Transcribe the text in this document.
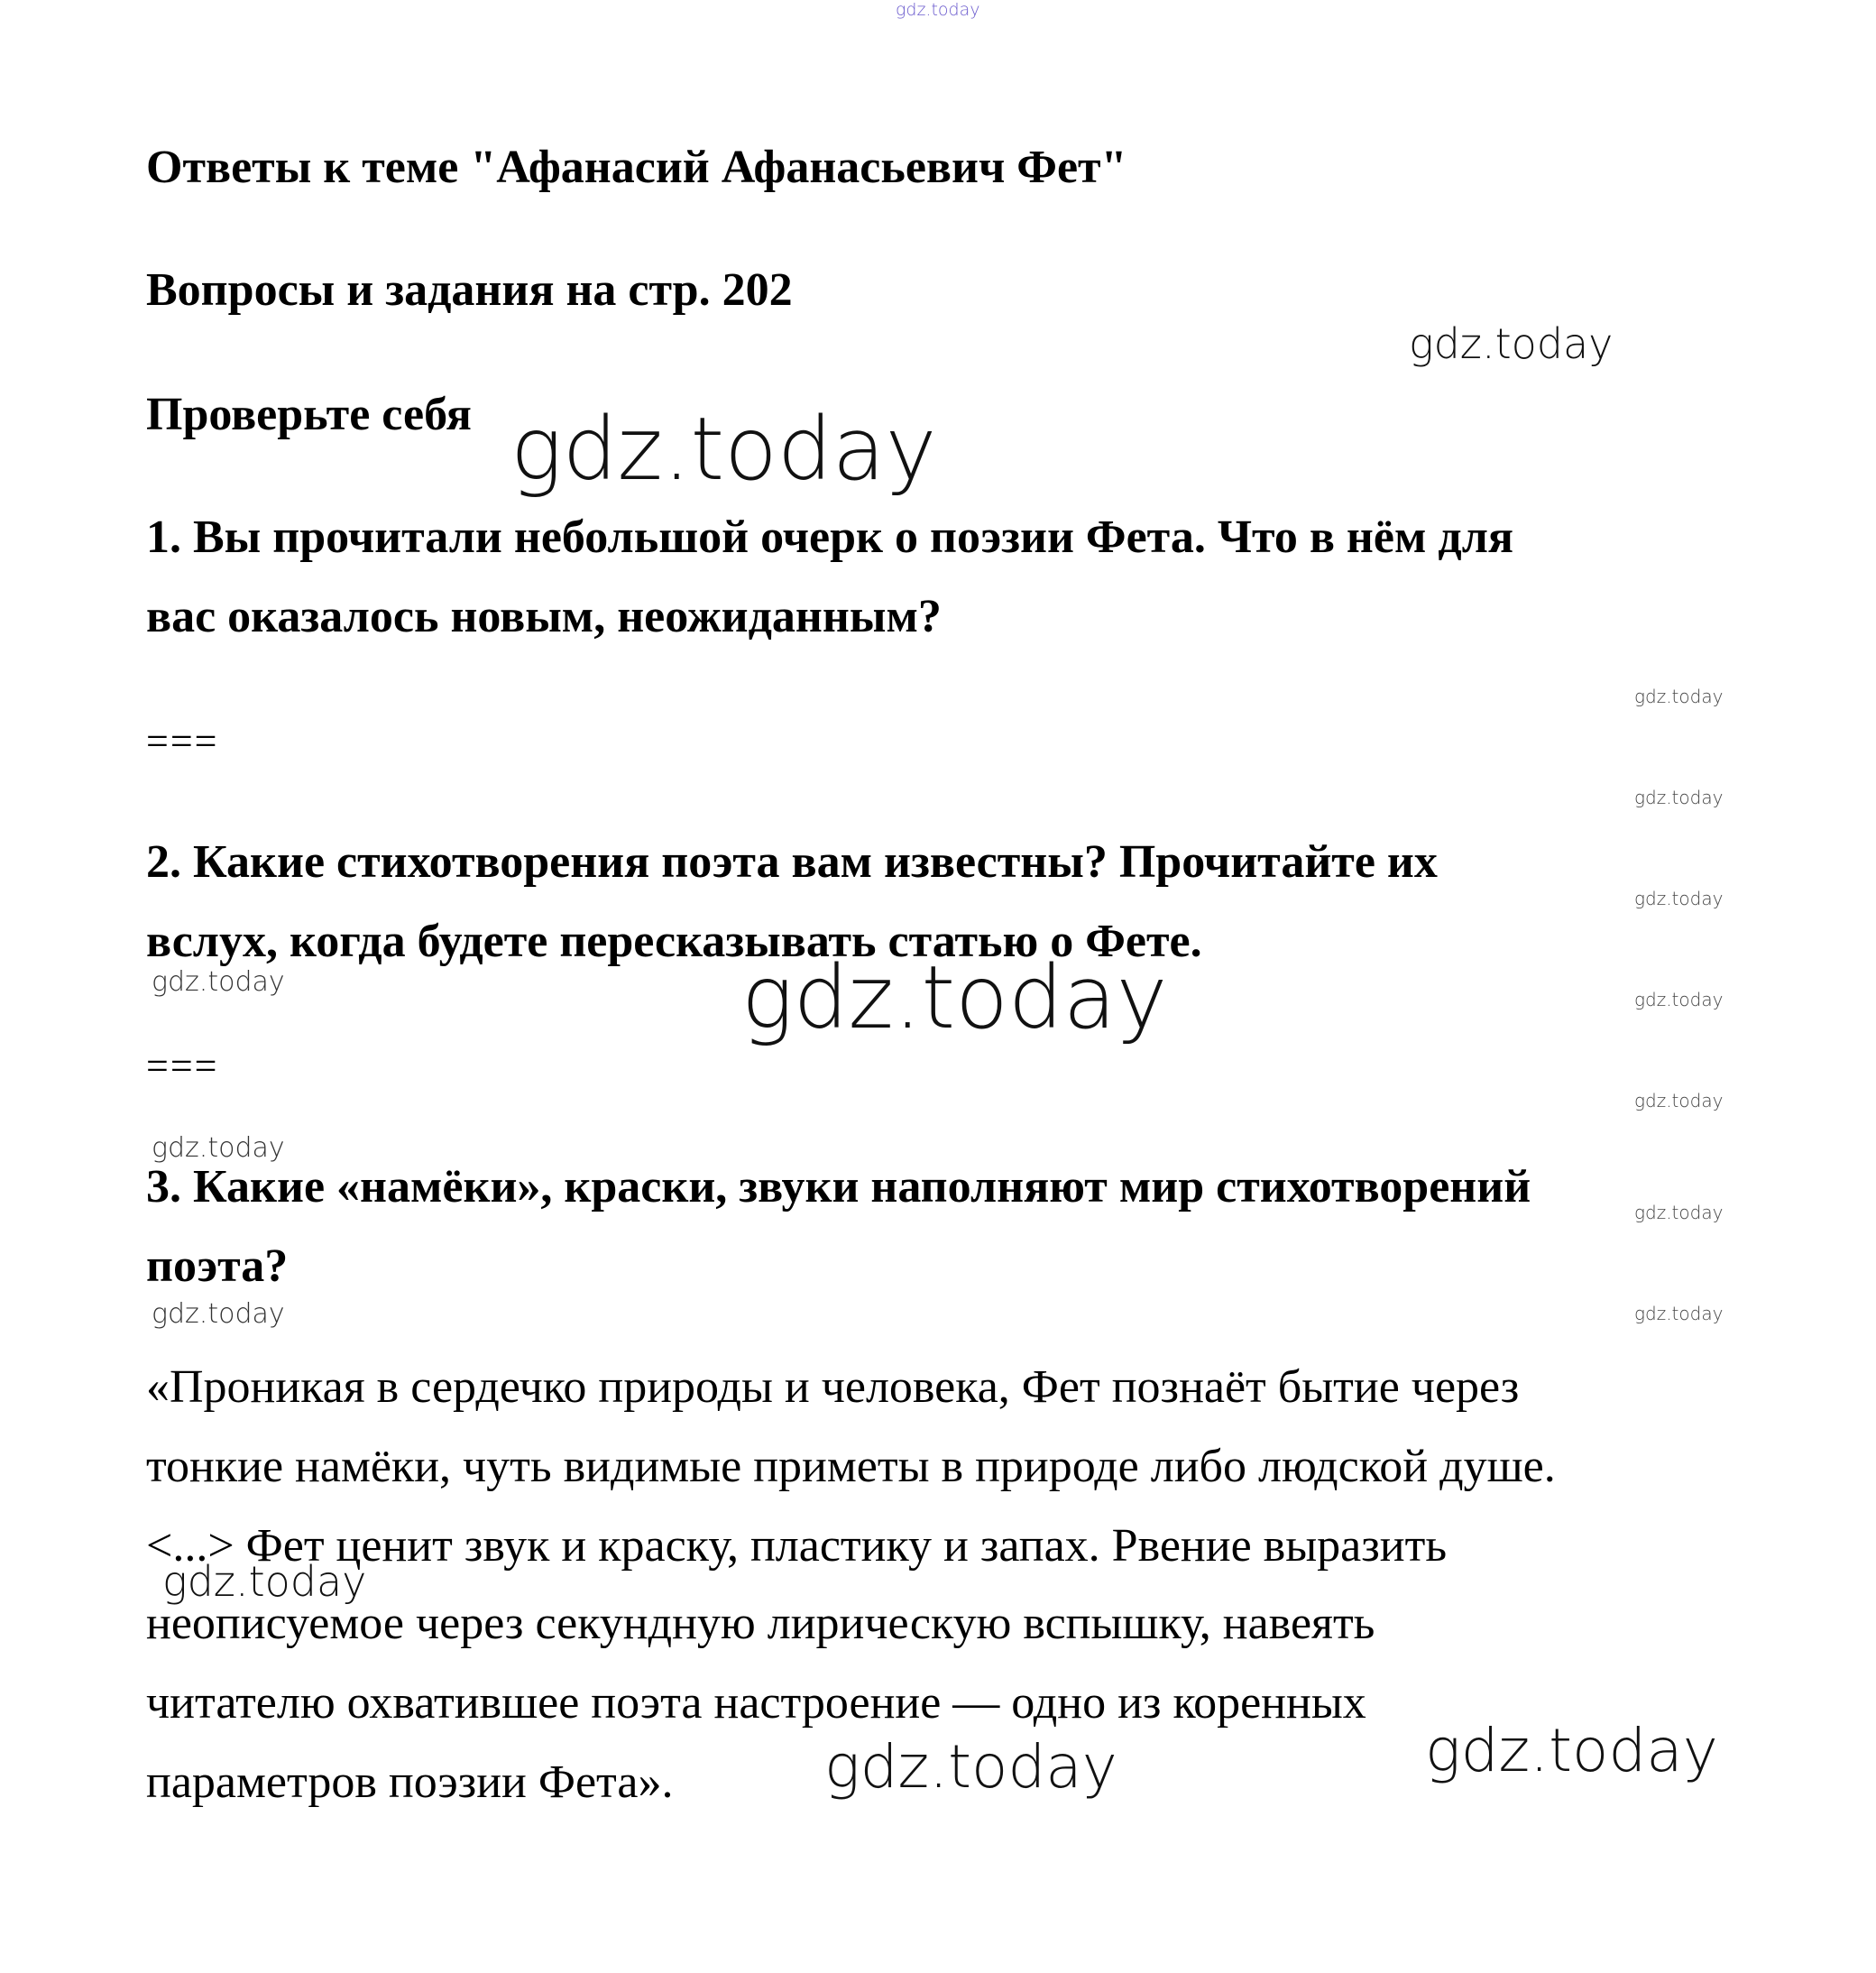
gdz.today
gdz.today
gdz.today
gdz.today
gdz.today
gdz.today
gdz.today	gdz.today	gdz.today
gdz.today
gdz.today
gdz.today
gdz.today	gdz.today
gdz.today
gdz.today
gdz.today
Ответы к теме "Афанасий Афанасьевич Фет"
Вопросы и задания на стр. 202
Проверьте себя
1. Вы прочитали небольшой очерк о поэзии Фета. Что в нём для
вас оказалось новым, неожиданным?
===
2. Какие стихотворения поэта вам известны? Прочитайте их
вслух, когда будете пересказывать статью о Фете.
===
3. Какие «намёки», краски, звуки наполняют мир стихотворений
поэта?
«Проникая в сердечко природы и человека, Фет познаёт бытие через
тонкие намёки, чуть видимые приметы в природе либо людской душе.
<...> Фет ценит звук и краску, пластику и запах. Рвение выразить
неописуемое через секундную лирическую вспышку, навеять
читателю охватившее поэта настроение — одно из коренных
параметров поэзии Фета».
